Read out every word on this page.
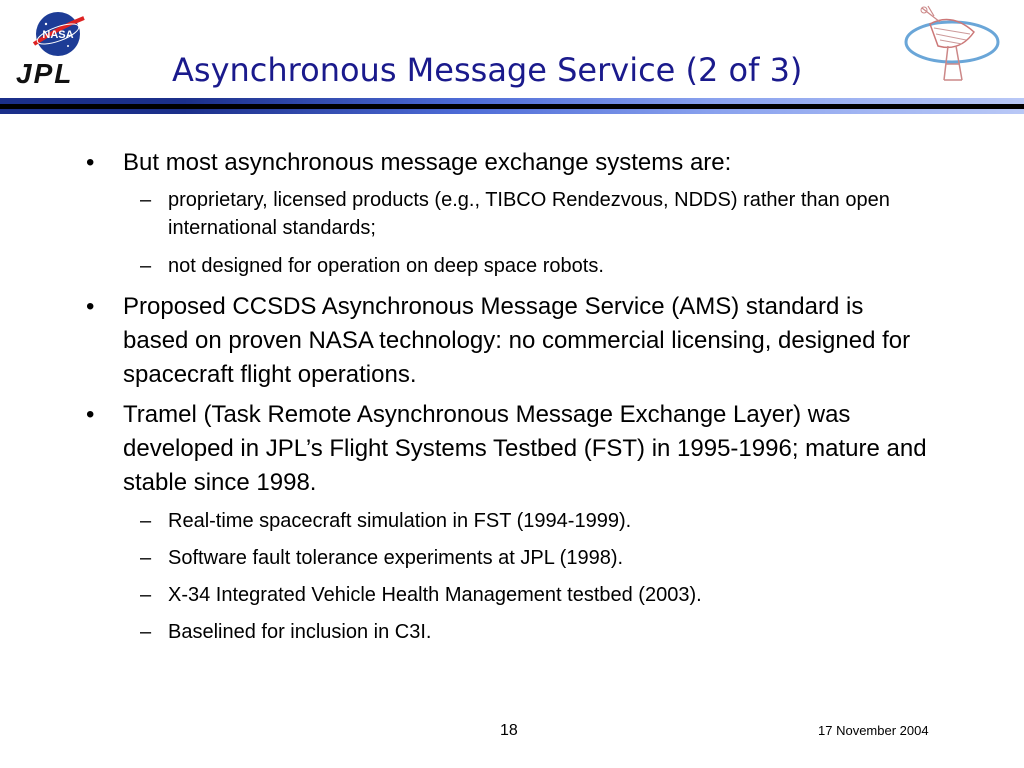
NASA
JPL	Asynchronous Message Service (2 of 3)
• But most asynchronous message exchange systems are:
– proprietary, licensed products (e.g., TIBCO Rendezvous, NDDS) rather than open international standards;
– not designed for operation on deep space robots.
• Proposed CCSDS Asynchronous Message Service (AMS) standard is based on proven NASA technology: no commercial licensing, designed for spacecraft flight operations.
• Tramel (Task Remote Asynchronous Message Exchange Layer) was developed in JPL’s Flight Systems Testbed (FST) in 1995-1996; mature and stable since 1998.
– Real-time spacecraft simulation in FST (1994-1999).
– Software fault tolerance experiments at JPL (1998).
– X-34 Integrated Vehicle Health Management testbed (2003).
– Baselined for inclusion in C3I.
18	17 November 2004
